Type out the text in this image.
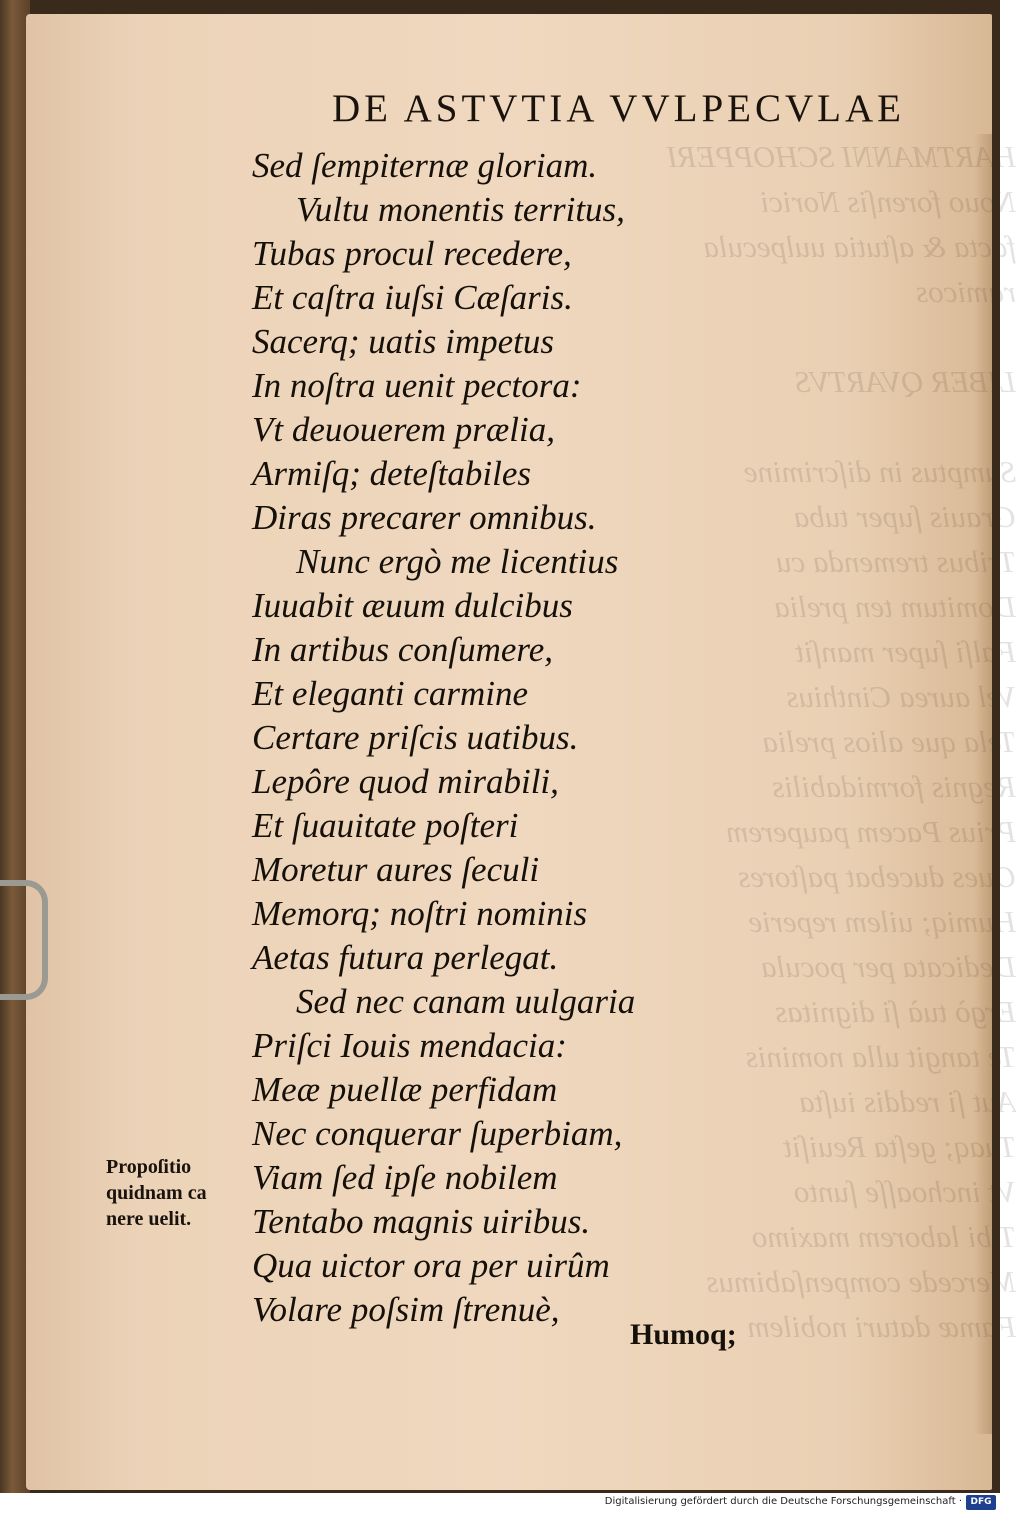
HARTMANNI SCHOPPERI
Nouo forenſis Norici
facta & aſtutia uulpecula
ramicos

LIBER QVARTVS

Sumptus in diſcrimine
Grauis ſuper tuba
Tribus tremenda cu
Domitum ten prelia
Falſi ſuper manſit
Vel aurea Cinthius
Tela que alios prelia
Regnis formidabilis
Prius Pacem pauperem
Oues ducebat paſtores
Humiq; uilem reperie
Dedicata per pocula
Ergò tuà ſi dignitas
Te tangit ulla nominis
Aut ſi reddis iuſta
Tuaq; geſta Reuiſit
Vt inchoaſſe ſunto
Tibi laborem maximo
Mercede compenſabimus
Famæ daturi nobilem
DE ASTVTIA VVLPECVLAE
Sed ſempiternæ gloriam.
Vultu monentis territus,
Tubas procul recedere,
Et caſtra iuſsi Cæſaris.
Sacerq; uatis impetus
In noſtra uenit pectora:
Vt deuouerem prælia,
Armiſq; deteſtabiles
Diras precarer omnibus.
Nunc ergò me licentius
Iuuabit æuum dulcibus
In artibus conſumere,
Et eleganti carmine
Certare priſcis uatibus.
Lepôre quod mirabili,
Et ſuauitate poſteri
Moretur aures ſeculi
Memorq; noſtri nominis
Aetas futura perlegat.
Sed nec canam uulgaria
Priſci Iouis mendacia:
Meæ puellæ perfidam
Nec conquerar ſuperbiam,
Viam ſed ipſe nobilem
Tentabo magnis uiribus.
Qua uictor ora per uirûm
Volare poſsim ſtrenuè,
Propoſitio
quidnam ca
nere uelit.
Humoq;
Digitalisierung gefördert durch die Deutsche Forschungsgemeinschaft · DFG
